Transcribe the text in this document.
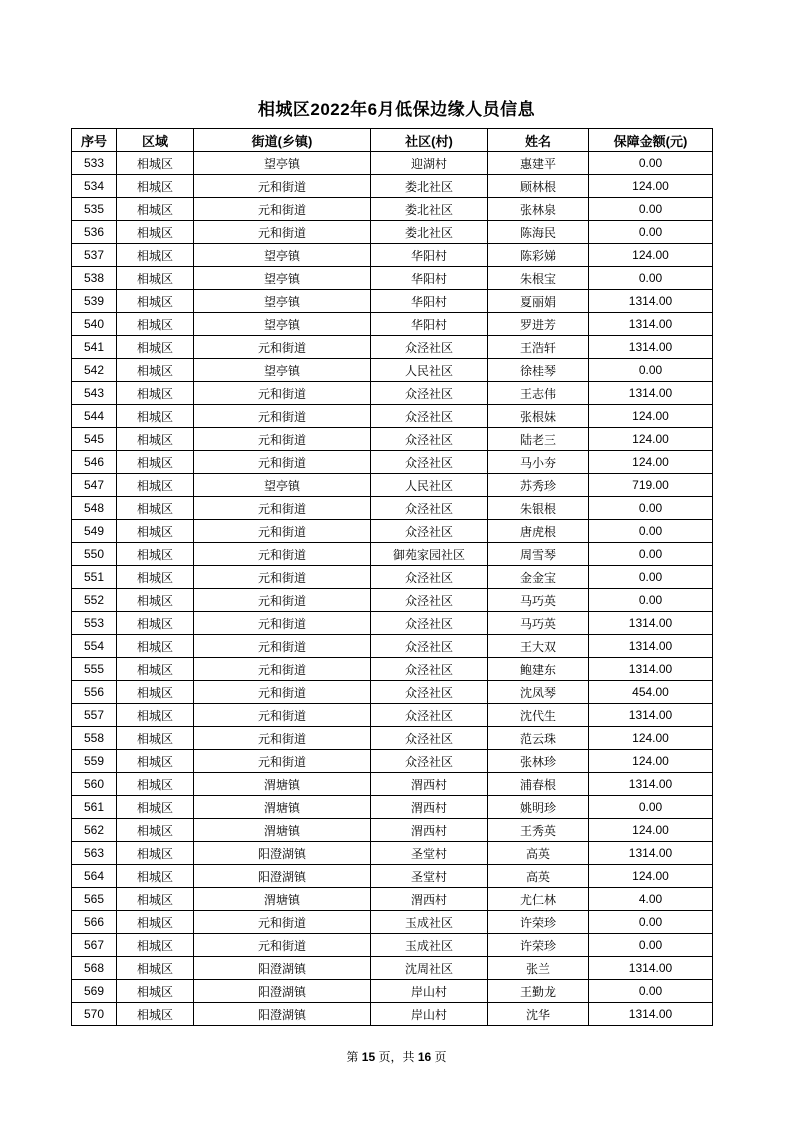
相城区2022年6月低保边缘人员信息
序号	区域	街道(乡镇)	社区(村)	姓名	保障金额(元)
533	相城区	望亭镇	迎湖村	惠建平	0.00
534	相城区	元和街道	娄北社区	顾林根	124.00
535	相城区	元和街道	娄北社区	张林泉	0.00
536	相城区	元和街道	娄北社区	陈海民	0.00
537	相城区	望亭镇	华阳村	陈彩娣	124.00
538	相城区	望亭镇	华阳村	朱根宝	0.00
539	相城区	望亭镇	华阳村	夏丽娟	1314.00
540	相城区	望亭镇	华阳村	罗进芳	1314.00
541	相城区	元和街道	众泾社区	王浩轩	1314.00
542	相城区	望亭镇	人民社区	徐桂琴	0.00
543	相城区	元和街道	众泾社区	王志伟	1314.00
544	相城区	元和街道	众泾社区	张根妹	124.00
545	相城区	元和街道	众泾社区	陆老三	124.00
546	相城区	元和街道	众泾社区	马小夯	124.00
547	相城区	望亭镇	人民社区	苏秀珍	719.00
548	相城区	元和街道	众泾社区	朱银根	0.00
549	相城区	元和街道	众泾社区	唐虎根	0.00
550	相城区	元和街道	御苑家园社区	周雪琴	0.00
551	相城区	元和街道	众泾社区	金金宝	0.00
552	相城区	元和街道	众泾社区	马巧英	0.00
553	相城区	元和街道	众泾社区	马巧英	1314.00
554	相城区	元和街道	众泾社区	王大双	1314.00
555	相城区	元和街道	众泾社区	鲍建东	1314.00
556	相城区	元和街道	众泾社区	沈凤琴	454.00
557	相城区	元和街道	众泾社区	沈代生	1314.00
558	相城区	元和街道	众泾社区	范云珠	124.00
559	相城区	元和街道	众泾社区	张林珍	124.00
560	相城区	渭塘镇	渭西村	浦春根	1314.00
561	相城区	渭塘镇	渭西村	姚明珍	0.00
562	相城区	渭塘镇	渭西村	王秀英	124.00
563	相城区	阳澄湖镇	圣堂村	高英	1314.00
564	相城区	阳澄湖镇	圣堂村	高英	124.00
565	相城区	渭塘镇	渭西村	尤仁林	4.00
566	相城区	元和街道	玉成社区	许荣珍	0.00
567	相城区	元和街道	玉成社区	许荣珍	0.00
568	相城区	阳澄湖镇	沈周社区	张兰	1314.00
569	相城区	阳澄湖镇	岸山村	王勤龙	0.00
570	相城区	阳澄湖镇	岸山村	沈华	1314.00
第 15 页，共 16 页
